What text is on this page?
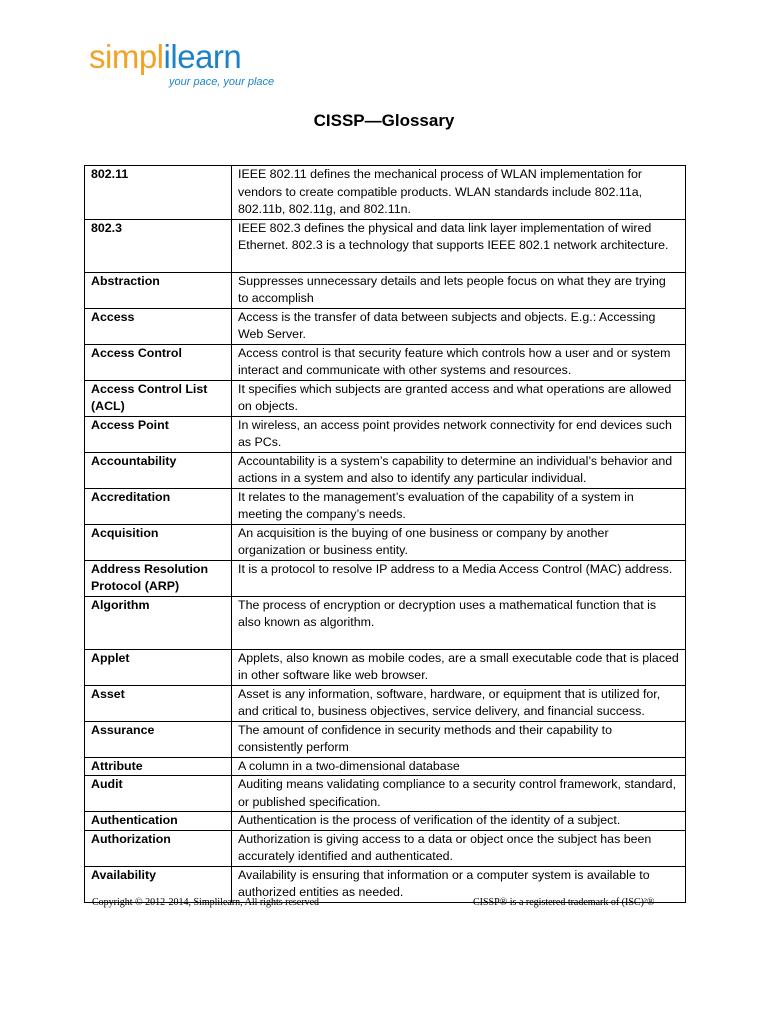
simplilearn
your pace, your place
CISSP—Glossary
802.11	IEEE 802.11 defines the mechanical process of WLAN implementation for vendors to create compatible products. WLAN standards include 802.11a, 802.11b, 802.11g, and 802.11n.
802.3	IEEE 802.3 defines the physical and data link layer implementation of wired Ethernet. 802.3 is a technology that supports IEEE 802.1 network architecture.
Abstraction	Suppresses unnecessary details and lets people focus on what they are trying to accomplish
Access	Access is the transfer of data between subjects and objects. E.g.: Accessing Web Server.
Access Control	Access control is that security feature which controls how a user and or system interact and communicate with other systems and resources.
Access Control List (ACL)	It specifies which subjects are granted access and what operations are allowed on objects.
Access Point	In wireless, an access point provides network connectivity for end devices such as PCs.
Accountability	Accountability is a system’s capability to determine an individual’s behavior and actions in a system and also to identify any particular individual.
Accreditation	It relates to the management’s evaluation of the capability of a system in meeting the company’s needs.
Acquisition	An acquisition is the buying of one business or company by another organization or business entity.
Address Resolution Protocol (ARP)	It is a protocol to resolve IP address to a Media Access Control (MAC) address.
Algorithm	The process of encryption or decryption uses a mathematical function that is also known as algorithm.
Applet	Applets, also known as mobile codes, are a small executable code that is placed in other software like web browser.
Asset	Asset is any information, software, hardware, or equipment that is utilized for, and critical to, business objectives, service delivery, and financial success.
Assurance	The amount of confidence in security methods and their capability to consistently perform
Attribute	A column in a two-dimensional database
Audit	Auditing means validating compliance to a security control framework, standard, or published specification.
Authentication	Authentication is the process of verification of the identity of a subject.
Authorization	Authorization is giving access to a data or object once the subject has been accurately identified and authenticated.
Availability	Availability is ensuring that information or a computer system is available to authorized entities as needed.
Copyright © 2012-2014, Simplilearn, All rights reserved	CISSP® is a registered trademark of (ISC)²®
